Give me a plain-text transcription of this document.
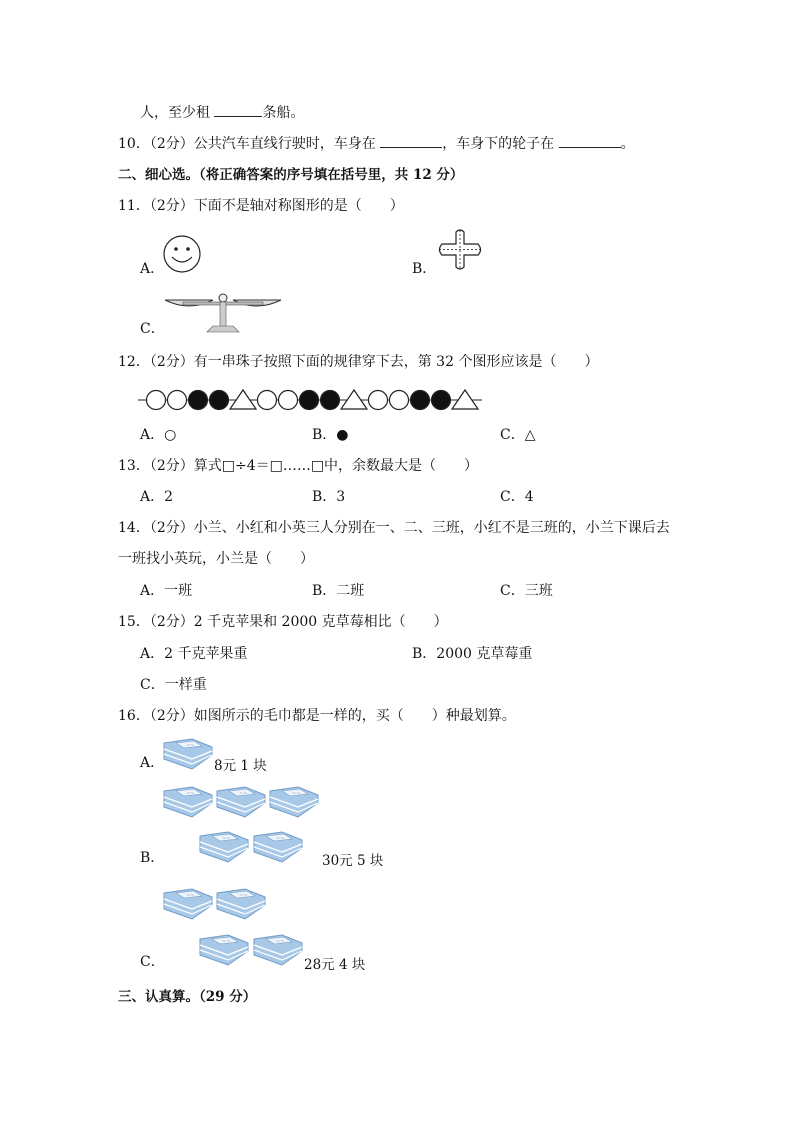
人，至少租	条船。
10．（2分）公共汽车直线行驶时，车身在	，车身下的轮子在	。
二、细心选。（将正确答案的序号填在括号里，共 12 分）
11．（2分）下面不是轴对称图形的是（　　）
A．	B．
C．
12．（2分）有一串珠子按照下面的规律穿下去，第 32 个图形应该是（　　）
A．○	B．●	C．△
13．（2分）算式□÷4＝□……□中，余数最大是（　　）
A．2	B．3	C．4
14．（2分）小兰、小红和小英三人分别在一、二、三班，小红不是三班的，小兰下课后去
一班找小英玩，小兰是（　　）
A．一班	B．二班	C．三班
15．（2分）2 千克苹果和 2000 克草莓相比（　　）
A．2 千克苹果重	B．2000 克草莓重
C．一样重
16．（2分）如图所示的毛巾都是一样的，买（　　）种最划算。
A．
~~
~~	~~	~~
~~	~~
~~	~~
~~	~~
8元 1 块
B．	30元 5 块
C．	28元 4 块
三、认真算。（29 分）
